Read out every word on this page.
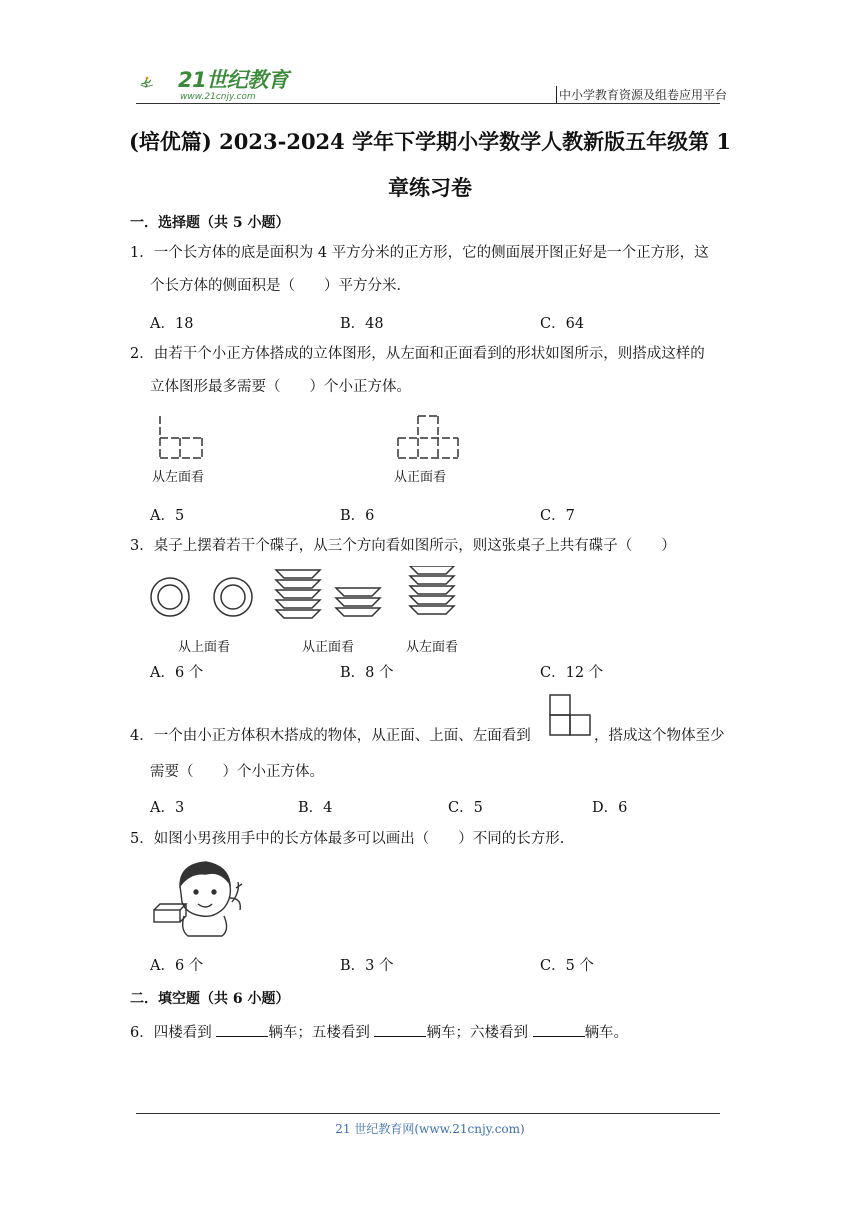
21世纪教育
www.21cnjy.com	中小学教育资源及组卷应用平台
(培优篇) 2023-2024 学年下学期小学数学人教新版五年级第 1
章练习卷
一．选择题（共 5 小题）
1．一个长方体的底是面积为 4 平方分米的正方形，它的侧面展开图正好是一个正方形，这
个长方体的侧面积是（　　）平方分米．
A．18	B．48	C．64
2．由若干个小正方体搭成的立体图形，从左面和正面看到的形状如图所示，则搭成这样的
立体图形最多需要（　　）个小正方体。
从左面看	从正面看
A．5	B．6	C．7
3．桌子上摆着若干个碟子，从三个方向看如图所示，则这张桌子上共有碟子（　　）
从上面看	从正面看	从左面看
A．6 个	B．8 个	C．12 个
4．一个由小正方体积木搭成的物体，从正面、上面、左面看到	，搭成这个物体至少
需要（　　）个小正方体。
A．3	B．4	C．5	D．6
5．如图小男孩用手中的长方体最多可以画出（　　）不同的长方形.
A．6 个	B．3 个	C．5 个
二．填空题（共 6 小题）
6．四楼看到	辆车；五楼看到	辆车；六楼看到	辆车。
21 世纪教育网(www.21cnjy.com)
